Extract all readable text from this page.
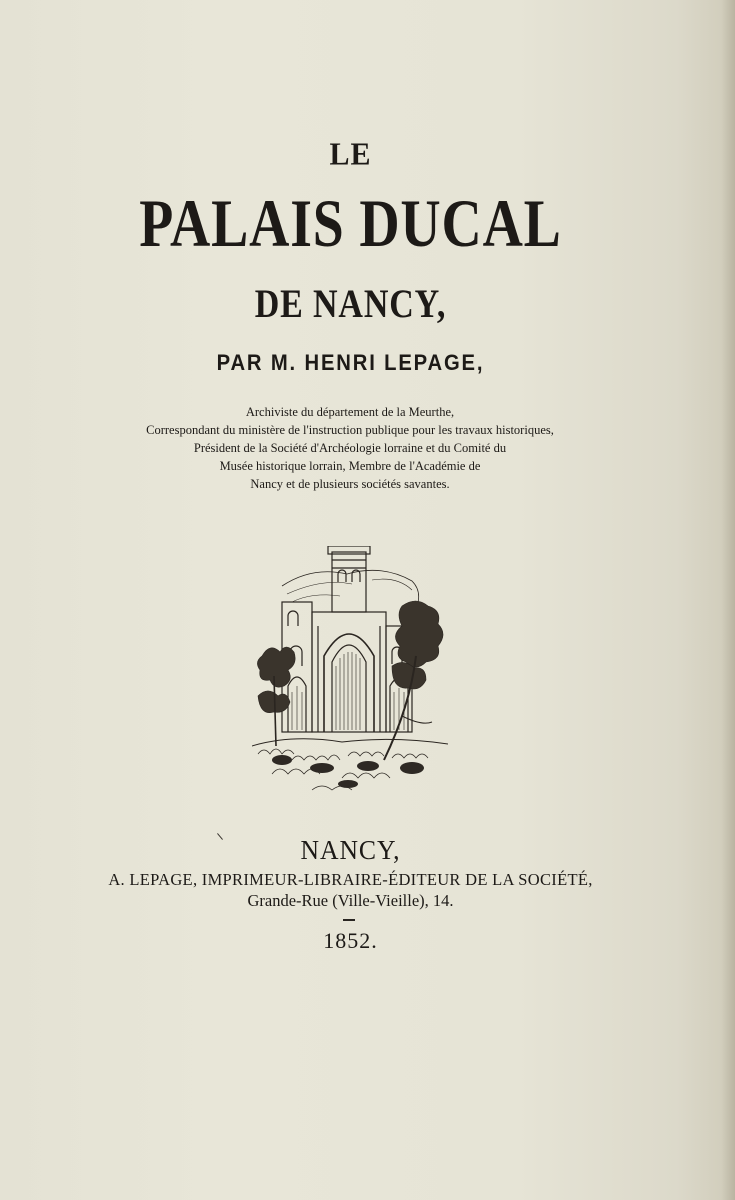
LE
PALAIS DUCAL
DE NANCY,
PAR M. HENRI LEPAGE,
Archiviste du département de la Meurthe,
Correspondant du ministère de l'instruction publique pour les travaux historiques,
Président de la Société d'Archéologie lorraine et du Comité du
Musée historique lorrain, Membre de l'Académie de
Nancy et de plusieurs sociétés savantes.
NANCY,
A. LEPAGE, IMPRIMEUR-LIBRAIRE-ÉDITEUR DE LA SOCIÉTÉ,
Grande-Rue (Ville-Vieille), 14.
1852.
